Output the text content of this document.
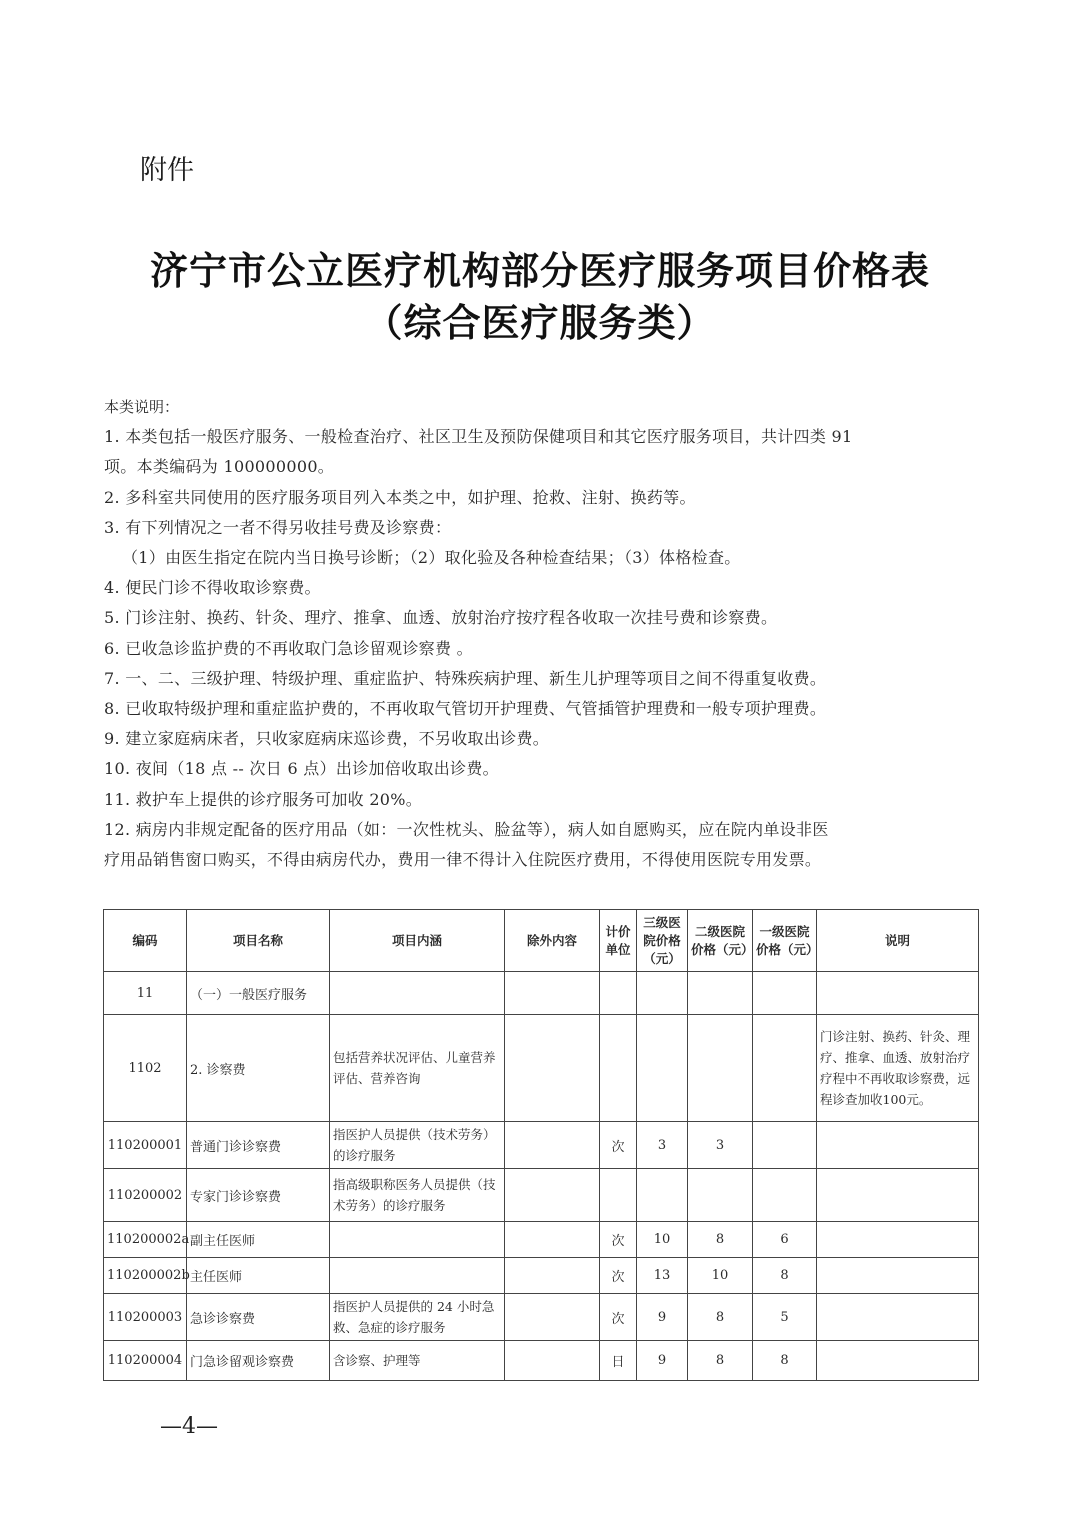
附件
济宁市公立医疗机构部分医疗服务项目价格表
（综合医疗服务类）
本类说明：
1. 本类包括一般医疗服务、一般检查治疗、社区卫生及预防保健项目和其它医疗服务项目，共计四类 91
项。本类编码为 100000000。
2. 多科室共同使用的医疗服务项目列入本类之中，如护理、抢救、注射、换药等。
3. 有下列情况之一者不得另收挂号费及诊察费：
（1）由医生指定在院内当日换号诊断；（2）取化验及各种检查结果；（3）体格检查。
4. 便民门诊不得收取诊察费。
5. 门诊注射、换药、针灸、理疗、推拿、血透、放射治疗按疗程各收取一次挂号费和诊察费。
6. 已收急诊监护费的不再收取门急诊留观诊察费 。
7. 一、二、三级护理、特级护理、重症监护、特殊疾病护理、新生儿护理等项目之间不得重复收费。
8. 已收取特级护理和重症监护费的，不再收取气管切开护理费、气管插管护理费和一般专项护理费。
9. 建立家庭病床者，只收家庭病床巡诊费，不另收取出诊费。
10. 夜间（18 点 -- 次日 6 点）出诊加倍收取出诊费。
11. 救护车上提供的诊疗服务可加收 20%。
12. 病房内非规定配备的医疗用品（如：一次性枕头、脸盆等），病人如自愿购买，应在院内单设非医
疗用品销售窗口购买，不得由病房代办，费用一律不得计入住院医疗费用，不得使用医院专用发票。
编码	项目名称	项目内涵	除外内容	计价单位	三级医院价格（元）	二级医院价格（元）	一级医院价格（元）	说明
11	（一）一般医疗服务							
1102	2. 诊察费	包括营养状况评估、儿童营养评估、营养咨询						门诊注射、换药、针灸、理疗、推拿、血透、放射治疗疗程中不再收取诊察费，远程诊查加收100元。
110200001	普通门诊诊察费	指医护人员提供（技术劳务）的诊疗服务		次	3	3		
110200002	专家门诊诊察费	指高级职称医务人员提供（技术劳务）的诊疗服务						
110200002a	副主任医师			次	10	8	6	
110200002b	主任医师			次	13	10	8	
110200003	急诊诊察费	指医护人员提供的 24 小时急救、急症的诊疗服务		次	9	8	5	
110200004	门急诊留观诊察费	含诊察、护理等		日	9	8	8	
—4—
